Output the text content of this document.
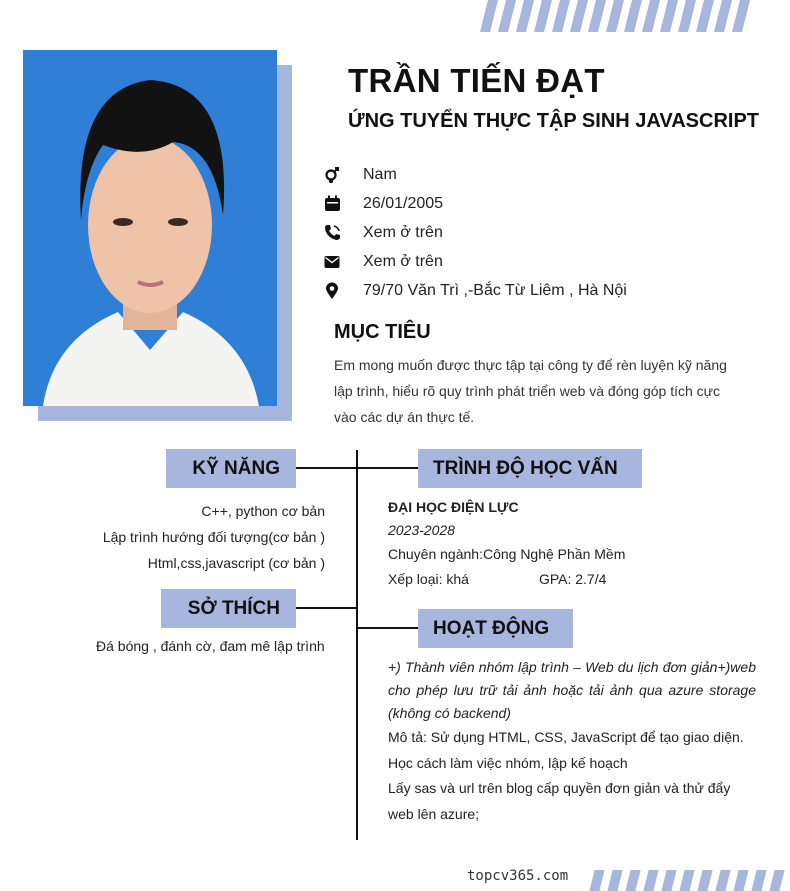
TRẦN TIẾN ĐẠT
ỨNG TUYỂN THỰC TẬP SINH JAVASCRIPT
Nam
26/01/2005
Xem ở trên
Xem ở trên
79/70 Văn Trì ,-Bắc Từ Liêm , Hà Nội
MỤC TIÊU
Em mong muốn được thực tập tại công ty để rèn luyện kỹ năng lập trình, hiểu rõ quy trình phát triển web và đóng góp tích cực vào các dự án thực tế.
KỸ NĂNG
C++, python cơ bản
Lập trình hướng đối tượng(cơ bản )
Html,css,javascript (cơ bản )
SỞ THÍCH
Đá bóng , đánh cờ, đam mê lập trình
TRÌNH ĐỘ HỌC VẤN
ĐẠI HỌC ĐIỆN LỰC
2023-2028
Chuyên ngành:Công Nghệ Phần Mềm
Xếp loại: khá	GPA: 2.7/4
HOẠT ĐỘNG
+) Thành viên nhóm lập trình – Web du lịch đơn giản+)web cho phép lưu trữ tải ảnh hoặc tải ảnh qua azure storage (không có backend)
Mô tả: Sử dụng HTML, CSS, JavaScript để tạo giao diện.
Học cách làm việc nhóm, lập kế hoạch
Lấy sas và url trên blog cấp quyền đơn giản và thử đẩy web lên azure;
topcv365.com
